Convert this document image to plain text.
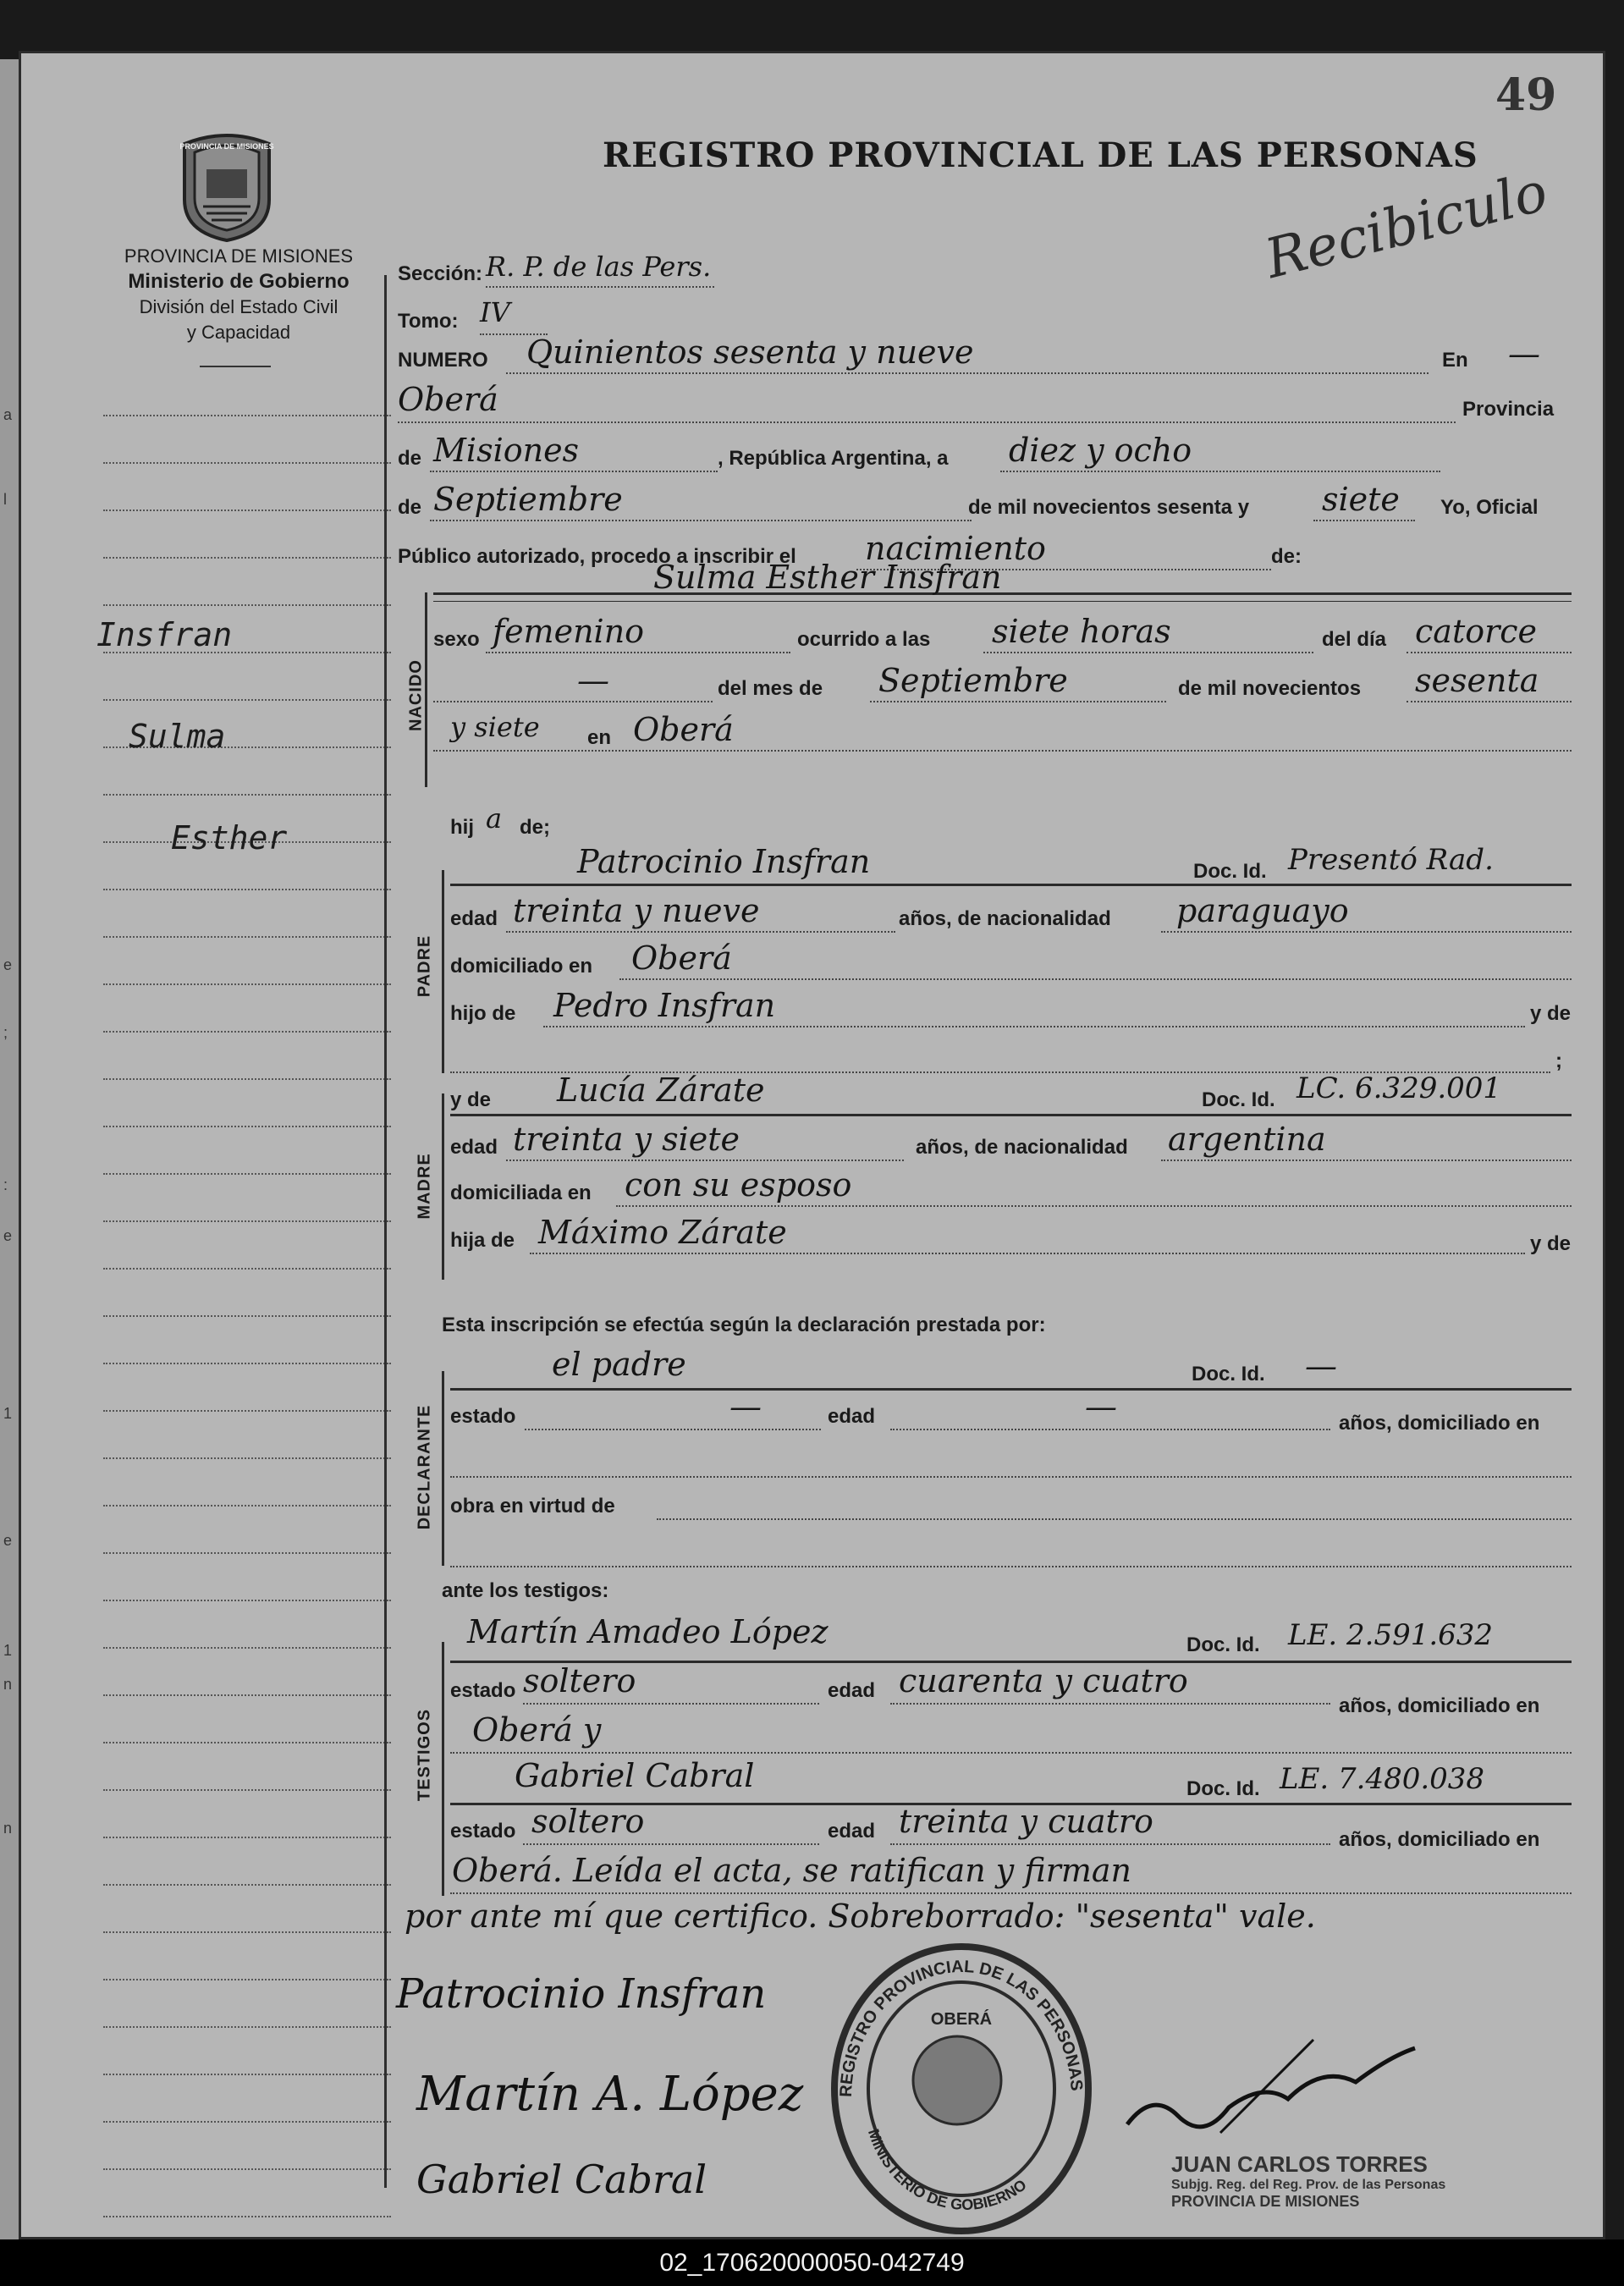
a
l
e
;
:
e
1
e
1
n
n
49
PROVINCIA DE MISIONES	REGISTRO PROVINCIAL DE LAS PERSONAS
PROVINCIA DE MISIONES
Ministerio de Gobierno
División del Estado Civil
y Capacidad
Insfran
Sulma
Esther
Recibiculo
Sección: R. P. de las Pers.
Tomo: IV
NUMERO Quinientos sesenta y nueve	En —
Oberá	Provincia
de Misiones	, República Argentina, a diez y ocho
de Septiembre	de mil novecientos sesenta y siete Yo, Oficial
Público autorizado, procedo a inscribir el nacimiento	de:
NACIDO
Sulma Esther Insfran
sexo femenino	ocurrido a las siete horas	del día catorce
—	del mes de Septiembre	de mil novecientos sesenta
y siete en Oberá
hij a de;
PADRE
Patrocinio Insfran	Doc. Id. Presentó Rad.
edad treinta y nueve	años, de nacionalidad paraguayo
domiciliado en Oberá
hijo de Pedro Insfran	y de
;
MADRE
y de Lucía Zárate	Doc. Id. LC. 6.329.001
edad treinta y siete	años, de nacionalidad argentina
domiciliada en con su esposo
hija de Máximo Zárate	y de
Esta inscripción se efectúa según la declaración prestada por:
DECLARANTE
el padre	Doc. Id. —
estado	—	edad	—	años, domiciliado en
obra en virtud de
ante los testigos:
TESTIGOS
Martín Amadeo López	Doc. Id. LE. 2.591.632
estado soltero	edad cuarenta y cuatro
años, domiciliado en
Oberá y
Gabriel Cabral	Doc. Id. LE. 7.480.038
estado soltero	edad treinta y cuatro	años, domiciliado en
Oberá. Leída el acta, se ratifican y firman
por ante mí que certifico. Sobreborrado: "sesenta" vale.
Patrocinio Insfran
Martín A. López
Gabriel Cabral
REGISTRO PROVINCIAL DE LAS PERSONAS
MINISTERIO DE GOBIERNO
OBERÁ
JUAN CARLOS TORRES
Subjg. Reg. del Reg. Prov. de las Personas
PROVINCIA DE MISIONES
02_170620000050-042749
